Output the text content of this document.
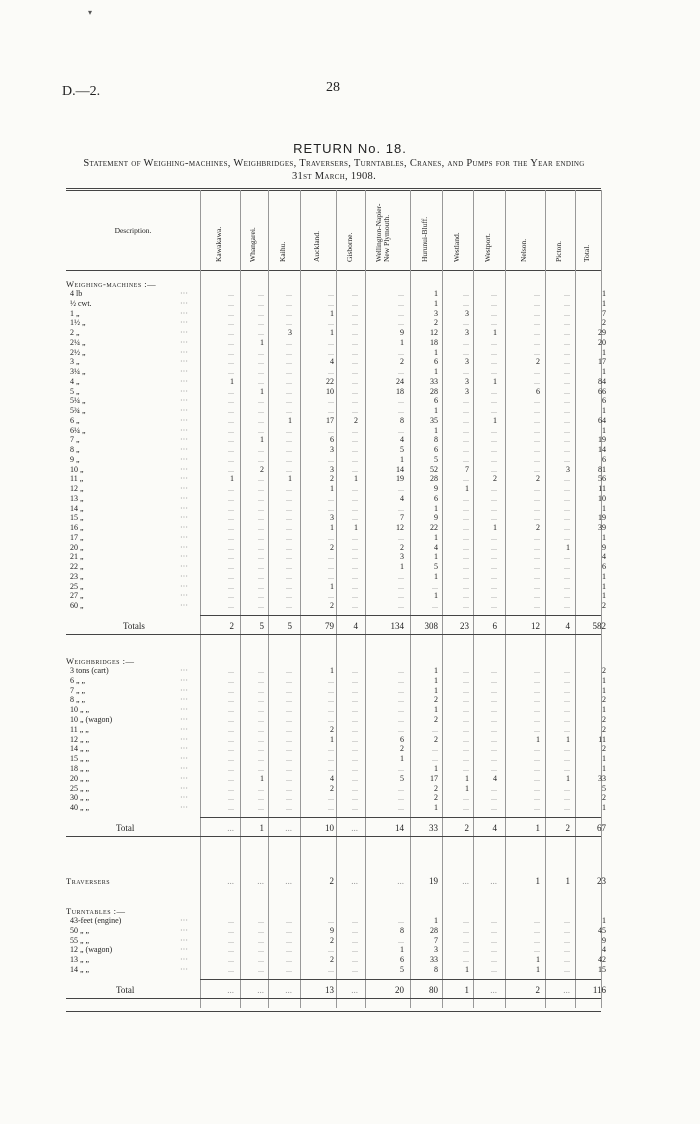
D.—2.	28
RETURN No. 18.
Statement of Weighing-machines, Weighbridges, Traversers, Turntables, Cranes, and Pumps for the Year ending 31st March, 1908.
Description.	Kawakawa.	Whangarei.	Kaihu.	Auckland.	Gisborne.	Wellington-Napier-New Plymouth.	Hurunui-Bluff.	Westland.	Westport.	Nelson.	Picton.	Total.
Weighing-machines :—
4 lb	···	...	...	...	...	...	...	1	...	...	...	...	1
½ cwt.	···	...	...	...	...	...	...	1	...	...	...	...	1
1 „	···	...	...	...	1	...	...	3	3	...	...	...	7
1½ „	···	...	...	...	...	...	...	2	...	...	...	...	2
2 „	···	...	...	3	1	...	9	12	3	1	...	...	29
2¼ „	···	...	1	...	...	...	1	18	...	...	...	...	20
2½ „	···	...	...	...	...	...	...	1	...	...	...	...	1
3 „	···	...	...	...	4	...	2	6	3	...	2	...	17
3¼ „	···	...	...	...	...	...	...	1	...	...	...	...	1
4 „	···	1	...	...	22	...	24	33	3	1	...	...	84
5 „	···	...	1	...	10	...	18	28	3	...	6	...	66
5¼ „	···	...	...	...	...	...	...	6	...	...	...	...	6
5¾ „	···	...	...	...	...	...	...	1	...	...	...	...	1
6 „	···	...	...	1	17	2	8	35	...	1	...	...	64
6¼ „	···	...	...	...	...	...	...	1	...	...	...	...	1
7 „	···	...	1	...	6	...	4	8	...	...	...	...	19
8 „	···	...	...	...	3	...	5	6	...	...	...	...	14
9 „	···	...	...	...	...	...	1	5	...	...	...	...	6
10 „	···	...	2	...	3	...	14	52	7	...	...	3	81
11 „	···	1	...	1	2	1	19	28	...	2	2	...	56
12 „	···	...	...	...	1	...	...	9	1	...	...	...	11
13 „	···	...	...	...	...	...	4	6	...	...	...	...	10
14 „	···	...	...	...	...	...	...	1	...	...	...	...	1
15 „	···	...	...	...	3	...	7	9	...	...	...	...	19
16 „	···	...	...	...	1	1	12	22	...	1	2	...	39
17 „	···	...	...	...	...	...	...	1	...	...	...	...	1
20 „	···	...	...	...	2	...	2	4	...	...	...	1	9
21 „	···	...	...	...	...	...	3	1	...	...	...	...	4
22 „	···	...	...	...	...	...	1	5	...	...	...	...	6
23 „	···	...	...	...	...	...	...	1	...	...	...	...	1
25 „	···	...	...	...	1	...	...	...	...	...	...	...	1
27 „	···	...	...	...	...	...	...	1	...	...	...	...	1
60 „	···	...	...	...	2	...	...	...	...	...	...	...	2
Totals	2	5	5	79	4	134	308	23	6	12	4	582
Weighbridges :—
3 tons (cart)	···	...	...	...	1	...	...	1	...	...	...	...	2
6 „ „	···	...	...	...	...	...	...	1	...	...	...	...	1
7 „ „	···	...	...	...	...	...	...	1	...	...	...	...	1
8 „ „	···	...	...	...	...	...	...	2	...	...	...	...	2
10 „ „	···	...	...	...	...	...	...	1	...	...	...	...	1
10 „ (wagon)	···	...	...	...	...	...	...	2	...	...	...	...	2
11 „ „	···	...	...	...	2	...	...	...	...	...	...	...	2
12 „ „	···	...	...	...	1	...	6	2	...	...	1	1	11
14 „ „	···	...	...	...	...	...	2	...	...	...	...	...	2
15 „ „	···	...	...	...	...	...	1	...	...	...	...	...	1
18 „ „	···	...	...	...	...	...	...	1	...	...	...	...	1
20 „ „	···	...	1	...	4	...	5	17	1	4	...	1	33
25 „ „	···	...	...	...	2	...	...	2	1	...	...	...	5
30 „ „	···	...	...	...	...	...	...	2	...	...	...	...	2
40 „ „	···	...	...	...	...	...	...	1	...	...	...	...	1
Total	...	1	...	10	...	14	33	2	4	1	2	67
Traversers	...	...	...	2	...	...	19	...	...	1	1	23
Turntables :—
43-feet (engine)	···	...	...	...	...	...	...	1	...	...	...	...	1
50 „ „	···	...	...	...	9	...	8	28	...	...	...	...	45
55 „ „	···	...	...	...	2	...	...	7	...	...	...	...	9
12 „ (wagon)	···	...	...	...	...	...	1	3	...	...	...	...	4
13 „ „	···	...	...	...	2	...	6	33	...	...	1	...	42
14 „ „	···	...	...	...	...	...	5	8	1	...	1	...	15
Total	...	...	...	13	...	20	80	1	...	2	...	116
▾
